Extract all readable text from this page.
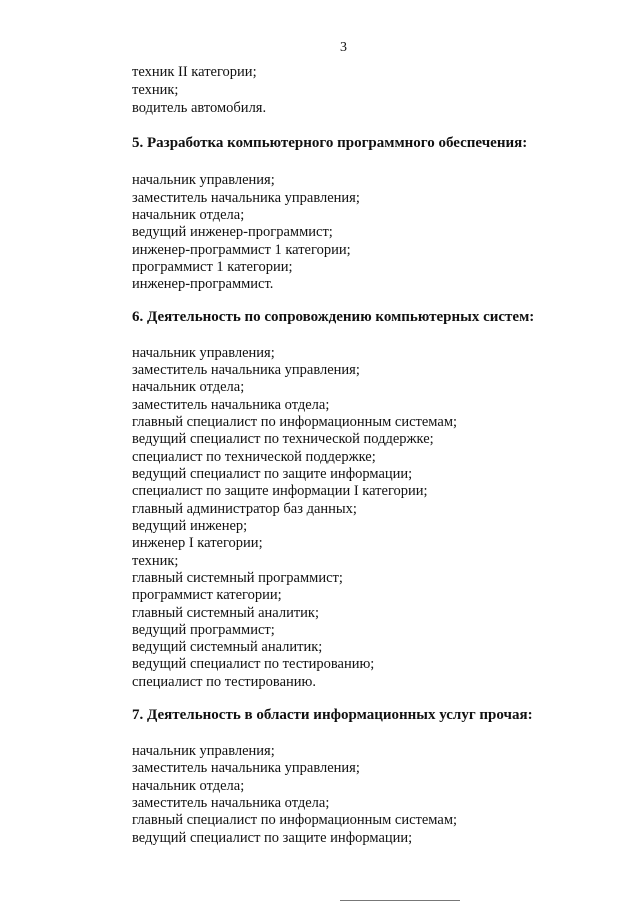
3
техник II категории;
техник;
водитель автомобиля.
5. Разработка компьютерного программного обеспечения:
начальник управления;
заместитель начальника управления;
начальник отдела;
ведущий инженер-программист;
инженер-программист 1 категории;
программист 1 категории;
инженер-программист.
6. Деятельность по сопровождению компьютерных систем:
начальник управления;
заместитель начальника управления;
начальник отдела;
заместитель начальника отдела;
главный специалист по информационным системам;
ведущий специалист по технической поддержке;
специалист по технической поддержке;
ведущий специалист по защите информации;
специалист по защите информации I категории;
главный администратор баз данных;
ведущий инженер;
инженер I категории;
техник;
главный системный программист;
программист категории;
главный системный аналитик;
ведущий программист;
ведущий системный аналитик;
ведущий специалист по тестированию;
специалист по тестированию.
7. Деятельность в области информационных услуг прочая:
начальник управления;
заместитель начальника управления;
начальник отдела;
заместитель начальника отдела;
главный специалист по информационным системам;
ведущий специалист по защите информации;
